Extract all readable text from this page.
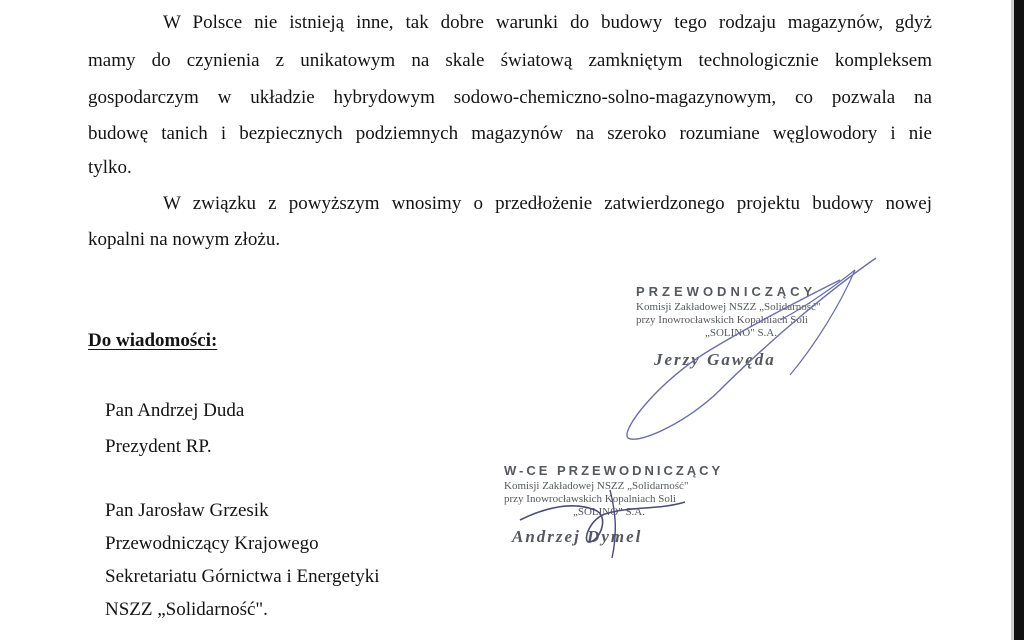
W Polsce nie istnieją inne, tak dobre warunki do budowy tego rodzaju magazynów, gdyż
mamy do czynienia z unikatowym na skale światową zamkniętym technologicznie kompleksem
gospodarczym w układzie hybrydowym sodowo-chemiczno-solno-magazynowym, co pozwala na
budowę tanich i bezpiecznych podziemnych magazynów na szeroko rozumiane węglowodory i nie
tylko.
W związku z powyższym wnosimy o przedłożenie zatwierdzonego projektu budowy nowej
kopalni na nowym złożu.
PRZEWODNICZĄCY
Komisji Zakładowej NSZZ „Solidarność"
przy Inowrocławskich Kopalniach Soli
„SOLINO" S.A.
Jerzy Gawęda
W-CE PRZEWODNICZĄCY
Komisji Zakładowej NSZZ „Solidarność"
przy Inowrocławskich Kopalniach Soli
„SOLINO" S.A.
Andrzej Dymel
Do wiadomości:
Pan Andrzej Duda
Prezydent RP.
Pan Jarosław Grzesik
Przewodniczący Krajowego
Sekretariatu Górnictwa i Energetyki
NSZZ „Solidarność".
